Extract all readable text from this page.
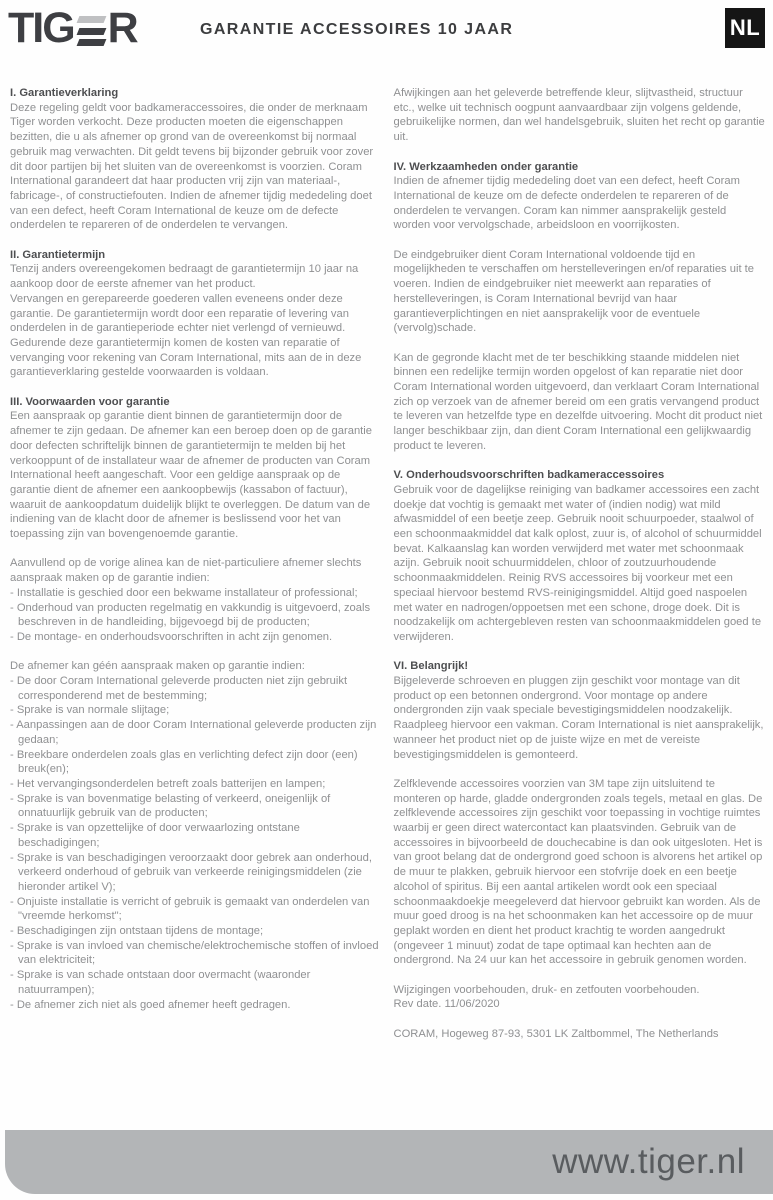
TIG R	GARANTIE ACCESSOIRES 10 JAAR	NL
I. Garantieverklaring
Deze regeling geldt voor badkameraccessoires, die onder de merknaam Tiger worden verkocht. Deze producten moeten die eigenschappen bezitten, die u als afnemer op grond van de overeenkomst bij normaal gebruik mag verwachten. Dit geldt tevens bij bijzonder gebruik voor zover dit door partijen bij het sluiten van de overeenkomst is voorzien. Coram International garandeert dat haar producten vrij zijn van materiaal-, fabricage-, of constructiefouten. Indien de afnemer tijdig mededeling doet van een defect, heeft Coram International de keuze om de defecte onderdelen te repareren of de onderdelen te vervangen.
II. Garantietermijn
Tenzij anders overeengekomen bedraagt de garantietermijn 10 jaar na aankoop door de eerste afnemer van het product.
Vervangen en gerepareerde goederen vallen eveneens onder deze garantie. De garantietermijn wordt door een reparatie of levering van onderdelen in de garantieperiode echter niet verlengd of vernieuwd.
Gedurende deze garantietermijn komen de kosten van reparatie of vervanging voor rekening van Coram International, mits aan de in deze garantieverklaring gestelde voorwaarden is voldaan.
III. Voorwaarden voor garantie
Een aanspraak op garantie dient binnen de garantietermijn door de afnemer te zijn gedaan. De afnemer kan een beroep doen op de garantie door defecten schriftelijk binnen de garantietermijn te melden bij het verkooppunt of de installateur waar de afnemer de producten van Coram International heeft aangeschaft. Voor een geldige aanspraak op de garantie dient de afnemer een aankoopbewijs (kassabon of factuur), waaruit de aankoopdatum duidelijk blijkt te overleggen. De datum van de indiening van de klacht door de afnemer is beslissend voor het van toepassing zijn van bovengenoemde garantie.
Aanvullend op de vorige alinea kan de niet-particuliere afnemer slechts aanspraak maken op de garantie indien:
- Installatie is geschied door een bekwame installateur of professional;
- Onderhoud van producten regelmatig en vakkundig is uitgevoerd, zoals beschreven in de handleiding, bijgevoegd bij de producten;
- De montage- en onderhoudsvoorschriften in acht zijn genomen.
De afnemer kan géén aanspraak maken op garantie indien:
- De door Coram International geleverde producten niet zijn gebruikt corresponderend met de bestemming;
- Sprake is van normale slijtage;
- Aanpassingen aan de door Coram International geleverde producten zijn gedaan;
- Breekbare onderdelen zoals glas en verlichting defect zijn door (een) breuk(en);
- Het vervangingsonderdelen betreft zoals batterijen en lampen;
- Sprake is van bovenmatige belasting of verkeerd, oneigenlijk of onnatuurlijk gebruik van de producten;
- Sprake is van opzettelijke of door verwaarlozing ontstane beschadigingen;
- Sprake is van beschadigingen veroorzaakt door gebrek aan onderhoud, verkeerd onderhoud of gebruik van verkeerde reinigingsmiddelen (zie hieronder artikel V);
- Onjuiste installatie is verricht of gebruik is gemaakt van onderdelen van "vreemde herkomst";
- Beschadigingen zijn ontstaan tijdens de montage;
- Sprake is van invloed van chemische/elektrochemische stoffen of invloed van elektriciteit;
- Sprake is van schade ontstaan door overmacht (waaronder natuurrampen);
- De afnemer zich niet als goed afnemer heeft gedragen.
Afwijkingen aan het geleverde betreffende kleur, slijtvastheid, structuur etc., welke uit technisch oogpunt aanvaardbaar zijn volgens geldende, gebruikelijke normen, dan wel handelsgebruik, sluiten het recht op garantie uit.
IV. Werkzaamheden onder garantie
Indien de afnemer tijdig mededeling doet van een defect, heeft Coram International de keuze om de defecte onderdelen te repareren of de onderdelen te vervangen. Coram kan nimmer aansprakelijk gesteld worden voor vervolgschade, arbeidsloon en voorrijkosten.
De eindgebruiker dient Coram International voldoende tijd en mogelijkheden te verschaffen om herstelleveringen en/of reparaties uit te voeren. Indien de eindgebruiker niet meewerkt aan reparaties of herstelleveringen, is Coram International bevrijd van haar garantieverplichtingen en niet aansprakelijk voor de eventuele (vervolg)schade.
Kan de gegronde klacht met de ter beschikking staande middelen niet binnen een redelijke termijn worden opgelost of kan reparatie niet door Coram International worden uitgevoerd, dan verklaart Coram International zich op verzoek van de afnemer bereid om een gratis vervangend product te leveren van hetzelfde type en dezelfde uitvoering. Mocht dit product niet langer beschikbaar zijn, dan dient Coram International een gelijkwaardig product te leveren.
V. Onderhoudsvoorschriften badkameraccessoires
Gebruik voor de dagelijkse reiniging van badkamer accessoires een zacht doekje dat vochtig is gemaakt met water of (indien nodig) wat mild afwasmiddel of een beetje zeep. Gebruik nooit schuurpoeder, staalwol of een schoonmaakmiddel dat kalk oplost, zuur is, of alcohol of schuurmiddel bevat. Kalkaanslag kan worden verwijderd met water met schoonmaak azijn. Gebruik nooit schuurmiddelen, chloor of zoutzuurhoudende schoonmaakmiddelen. Reinig RVS accessoires bij voorkeur met een speciaal hiervoor bestemd RVS-reinigingsmiddel. Altijd goed naspoelen met water en nadrogen/oppoetsen met een schone, droge doek. Dit is noodzakelijk om achtergebleven resten van schoonmaakmiddelen goed te verwijderen.
VI. Belangrijk!
Bijgeleverde schroeven en pluggen zijn geschikt voor montage van dit product op een betonnen ondergrond. Voor montage op andere ondergronden zijn vaak speciale bevestigingsmiddelen noodzakelijk. Raadpleeg hiervoor een vakman. Coram International is niet aansprakelijk, wanneer het product niet op de juiste wijze en met de vereiste bevestigingsmiddelen is gemonteerd.
Zelfklevende accessoires voorzien van 3M tape zijn uitsluitend te monteren op harde, gladde ondergronden zoals tegels, metaal en glas. De zelfklevende accessoires zijn geschikt voor toepassing in vochtige ruimtes waarbij er geen direct watercontact kan plaatsvinden. Gebruik van de accessoires in bijvoorbeeld de douchecabine is dan ook uitgesloten. Het is van groot belang dat de ondergrond goed schoon is alvorens het artikel op de muur te plakken, gebruik hiervoor een stofvrije doek en een beetje alcohol of spiritus. Bij een aantal artikelen wordt ook een speciaal schoonmaakdoekje meegeleverd dat hiervoor gebruikt kan worden. Als de muur goed droog is na het schoonmaken kan het accessoire op de muur geplakt worden en dient het product krachtig te worden aangedrukt (ongeveer 1 minuut) zodat de tape optimaal kan hechten aan de ondergrond. Na 24 uur kan het accessoire in gebruik genomen worden.
Wijzigingen voorbehouden, druk- en zetfouten voorbehouden.
Rev date. 11/06/2020
CORAM, Hogeweg 87-93, 5301 LK Zaltbommel, The Netherlands
www.tiger.nl
